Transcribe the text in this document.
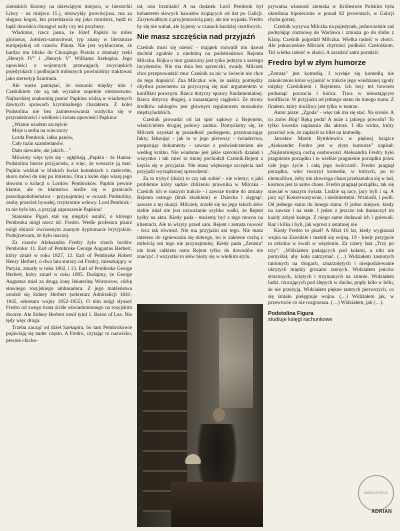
ziemskich Korony na dziewiątym miejscu, w hierarchii Litwy - na miejscu 15.), niezwykły prowincjusz, ma za sługusa kogoś, kto przedstawia się jako rotmistrz, będź to bądź dowódca chorągwi usiły czy też przybosy.

Wiadomo, rzecz jasna, że Józef Papkin to miles gloriosus, żołnierz-samochwał, typ znany w literaturze europejskiej od czasów Plauta. Nie jest wykluczone, że bardzo mu blisko do Chorążego Pistola z dramaty rzeki „Henryk IV" i „Henryk V" Williama Szekspira. Jego opowieści o wojennych przewagach, zwycięskich pojedynkach i podbojach miłosnych powinniśmy traktować jako stereotyp Szarmuta.

Ale warto pamiętać, że stosunki między nim i Cześnikiem nie są tak wyraźne zupełnie niestosowne. Najbardziej znakomitą postać Papkina widzą w wiadomych dawnych sprawach kryminalnego charakteru. Z kolei Podstolina nie bez zainteresowania wzdycha się w przynależności i wielkości świata opowieści Papkina:

„Wianie wiadem szczęście

Moje u serba na wieczorzy

Lorda Pembrok, iałku panów,

Cały tuzin szambelanów.

Dam niewiele, ale jakich…"

Mówimy więc tym się - zgłębiają „Papkin - że Hanna-Podstolina bierze przyjaciela, a więc, że wreszcie ją mać. Papkin widział w bliskich kwiat kontaktach z małovdm, skoro mówi do niej po imiennu. Ona z kolei daje wiarę jego słowom o kolacji u Lordów Pembroków. Papkin pewnie kłamie, ale to kłamstwo nieźle się w granicach prawdopodobieństwa - przynajmniej w oczach Podstoliny, osoby przecież bywałej, trzykrotnie wdowy. Lord Pembrok - to nie byle kto, a przyjął zaproszenie Papkina!

Stanisław Pigoń stał się niegdyś ustalić, o którego Pembroka mógł rzecz iść. Fredro. Wedle profesora pisarz mógł obrazić ówczesnym znanym dyplomacie brytyjskim. Podejrzewam, że było inaczej.

Za czasów Aleksandra Fredry żyło trzech lordów Pembroke: 11. Earl of Pembroke George Augustus Herbert, który zmarł w roku 1827, 12. Earl of Pembroke Robert Henry Herbert, o dwa lata starszy od Fredry, mieszkający w Paryżu, zmarły w roku 1862, i 13. Earl of Pembroke George Herbert, który zmarł w roku 1895. Dodajmy, że George Augustus miał za drugą żonę Jekaterinę Woroncow, córkę sławnego rosyjskiego ambasadora. Z jego małżeństwa urodził się Sidney Herbert (sekretarz Admiralicji 1841-1845, sekretarz wojny 1852-1855). O nim mógł słyszeć Fredro od swego brata ściśle uświadomionego na rosyjskim dworze. Ale Sidney Herbert nosił tytuł 1. Baron of Lea. Nie tędy więc droga.

Trzeba zacząć od dzieł Szekspira, bo tam Pembrokowie pojawiają się nader często. A Fredro, czytając to nazwisko, pewnie chicho-

tał, ono brzmiało! A na dodatek Lord Pembrok był bohaterem słowych kawałów krążących od dat po Galicji. Zarytowałbym z przyjemnością pary, ale nie wypada. Fredro by się nie wahał, ale żyjemy w czasach bardziej cnotliwych.

Nie masz szczęścia nad przyjaźń

Cześnik musi się ożenić - majątek rozwalił mu dawał dochód zgodnie z niedobrą na podobieństwo Rejenta Milczka. Bójka o mur graniczny jest tylko jednym z szeregu incydentów. Nie ma dnia bez sprzeczki, zwady. Milczek chce przeprowadzić mur. Cześnik za nic w świecie nie chce do tego dopuścić. Zna Milczka: wie, że nałóży pomiędzy obydwa prawnemu za przyczyną się stać argumentem w konfliktu prawnym. Rzecz dotyczy sprawy fundamentalnej. Rzecz dotyczy długiej, a nazastajacej ciągłości. Ze strony środków zabiegów jest głównym regulatorem stosunków międzyludzkich.

Cześnik prowadzi od lat spór sądowy z Rejentem, właścicielem drugiej połowy zamku. Domyślamy się, że Milczek uzyskał tę posiadłość podstępem, przeznaczając fakty, fałszując - jak to w jego pierwszy - świadectwa, preparując dokumenty - zawsze z poświadczeniem ale według krótko. Nie wiadome jest jakie szerokich działań i wszystko i tak mieć to mniej pochodził Cześnik.Rejent z kręcia się w przyjaźni. Nie masz większego szczęścia nad przyjaźń wyrządzonej sprawdzeni.

Za to trybyć (dużo) to czy tak sobie! - nie wiemy; o jaki problemie który sądzie zbliżeniu prawnika w Milczka - Cześnik ich w naszym trakcie - i zawsze trudne do zmiany Rejenta ostrego (brak skutkiem) w Dziecka i sięgnąć: zawsze z tej okazji. Milczek, zrzekł się na jego takich słów siebie miał nie jest rozważanie szybko walki, że Rejent byłby na aktu. Kiedy pada - możemy być z tego mocno na klientach. Ale to wizyty przed sam. Rejent i zemsta nowość - lecz tak również. Nie ma przyjaźni ani tego. Nie masz interesu do zgniewania się dobrego, bo w zakresie cechą z miłością oni tego nie przynajmniej. Kiedy pada „Zemsta" nie brak całkiem ostra Rejent tylko do dowodów nie znaczyć. I wszystko to słów bieży się w wielkim stylu.

prywatna własność ziemska w Królestwie Polskim była określona hipotecznie w ponad 82 procentach, w Galicji chyba gorzej.

Cześnik wyzywa Milczka na pojedynek, jednocześnie zaś podsyłając rozmowę do Wacława i zmusza go do ślubu z Klarą. Cześnik pogodził Milczka. Wielka radość w złości. Ale jednocześnie Milczek chytrości podłości Cześnikiem. Też wielka radość w złości. A zaradzić sami poradzić.

Fredro był w złym humorze

„Zemsta" jest komedią. I wydaje się komedią nie zakończenie które wyjaśnić w trakcie jego wiedzianej zgody między Cześnikiem i Rejentem. Ich losy też bowiem podsunąć poczucia i końca. Trwa w nieustającym konflikcie. W przyjaźni od jednego stanu do innego stanu. Z finałem, który możliwy jest tylko w teatrze.

Autor pisze: „Zgoda" - więc tak ma się stać. Na scenie. A co znów Bóg! Ręką poda! A nuże z jakiego powodu? To tylko kwestia napisania dla aktora. I dla widza, który przecież wie, że zapłacił za bilet na komedię.

Jarosław Marek Rymkiewicz w pięknej książce „Aleksander Fredro jest w złym humorze" napisał: „Najistotniejszą cechą osobowości Aleksandra Fredry było pragnienie porządku i to wielkie pragnienie porządku przez całe jego życie i całą jego twórczość. Fredro pragnął porządku, wiec tworzył komedie, w których, po to niemożliwe, żeby nie złowroga chaos przekształca się w ład, kosmos jest ta samo chaos. Fredro pragnął porządku, tak się stawiał w naszym świata. Ludzie są tacy, jacy byli i są. A jacy są? Konserwatywnie, i nieśmiertelni. Wzniośli, i podli. Od jednego stanu do innego stanu. O jedno miejsce, kiedy na zawsze i na stałe. I jeden z jeszcze tak tłumaczył im każdy zmysł kolega. Z niego same dodawał ich i gniewali. Raz i kilka i byli, jak wprost z ostatniej nie.

Kiedy Fredro to pisał? A Miał 16 lat, kiedy wygłaszał wojna na Zawidzie i mamił się wojną. 19 - kiedy przyjęcie ta szkolna w kwali w więzieniu. Za cztery lata „Trzy po trzy": „Widziałem padających pod kołami, a nikt nie pomyślał, aby koła zatrzymać. (…) Widziałem zasnutych ranionych na drogach, zmarzniętych i niespodziewanie ukrytych między gruzami rannych. Widziałem jeńców straconych, ściętych i trzymanych na zimnie. Widziałem ludzi, rzucających pod ślepych w duchu, prądy kóło w bólu, że nie przeżyją. Widziałem piękne tamtych pierwszych, co się śmiało pielęgnuje wojna. (…) Widziałem jak, w przewrocie co nie rozgrzesza. (…) Widziałem, jak (…).

Podstolina Figura
studiuje księgi rachunkowe
BIBLIOTEKA
ADRIAN
